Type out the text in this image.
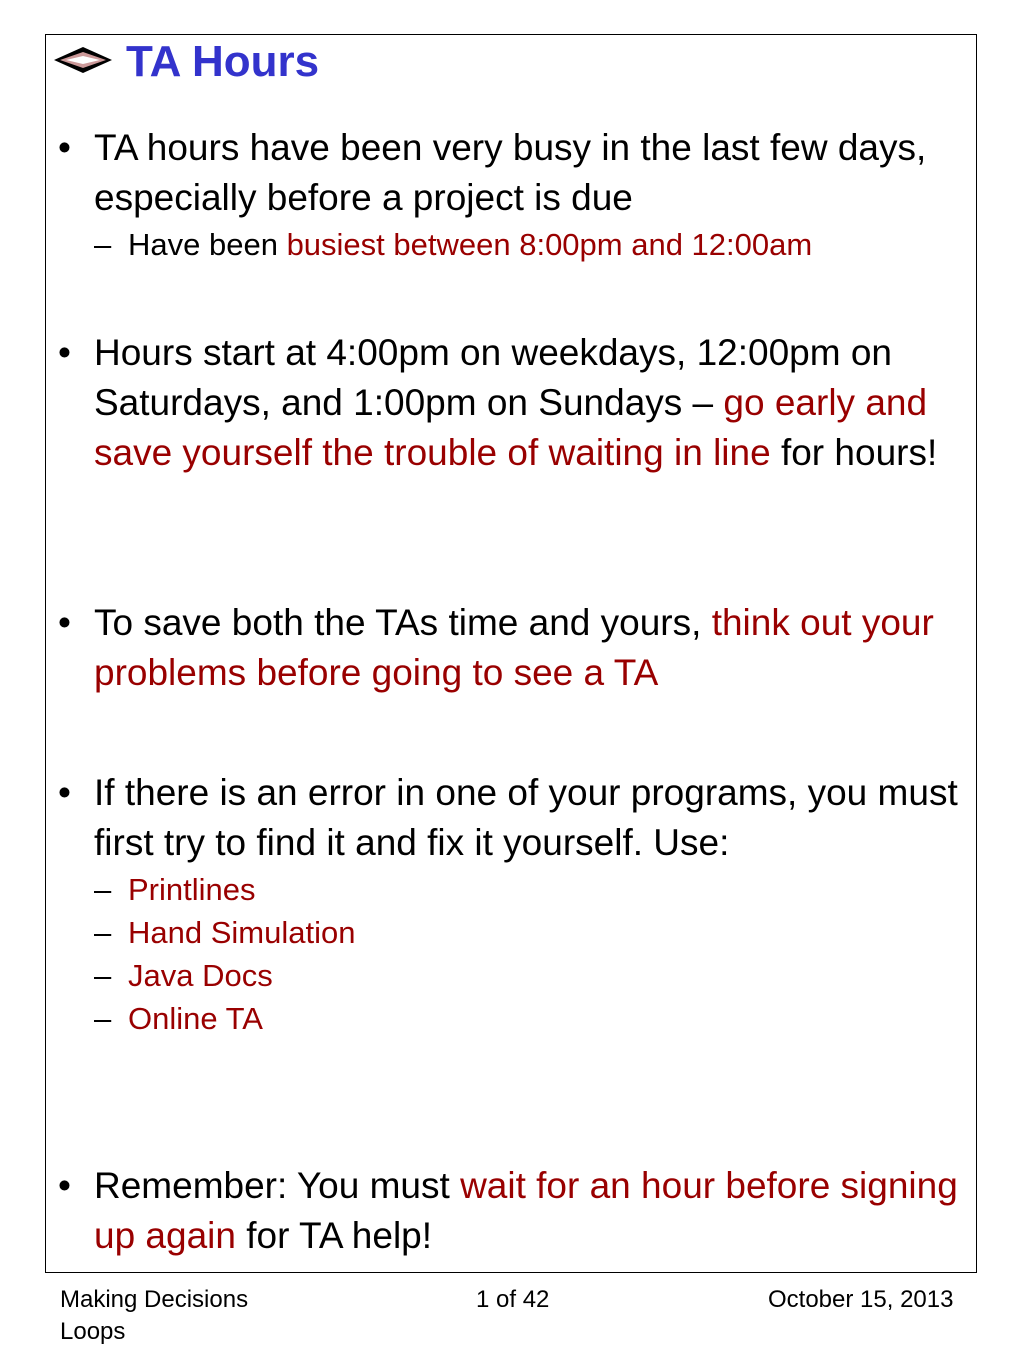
TA Hours
• TA hours have been very busy in the last few days, especially before a project is due
– Have been busiest between 8:00pm and 12:00am
• Hours start at 4:00pm on weekdays, 12:00pm on Saturdays, and 1:00pm on Sundays – go early and save yourself the trouble of waiting in line for hours!
• To save both the TAs time and yours, think out your problems before going to see a TA
• If there is an error in one of your programs, you must first try to find it and fix it yourself. Use:
– Printlines
– Hand Simulation
– Java Docs
– Online TA
• Remember: You must wait for an hour before signing up again for TA help!
Making Decisions
Loops
1 of 42	October 15, 2013
